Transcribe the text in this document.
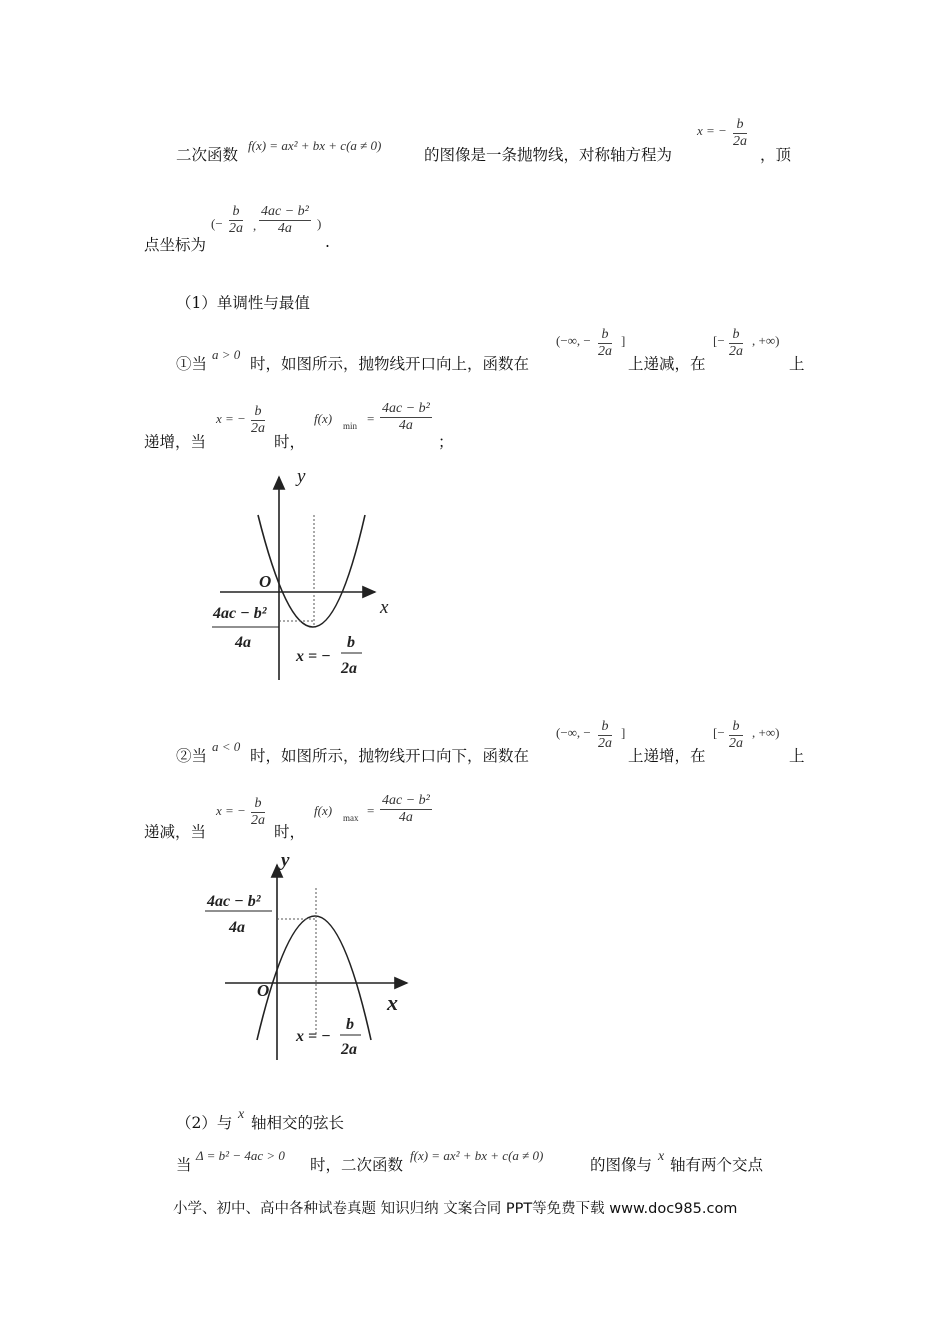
二次函数
f(x) = ax² + bx + c(a ≠ 0)
的图像是一条抛物线，对称轴方程为
x = − $\frac{b}{2a}$
，顶
点坐标为
(− $\frac{b}{2a}$ , $\frac{\text{4ac − b²}}{4a}$ )
.
（1）单调性与最值
①当
a > 0
时，如图所示，抛物线开口向上，函数在
(−∞, − $\frac{b}{2a}$ ]
上递减，在
[− $\frac{b}{2a}$ , +∞)
上
递增，当
x = − $\frac{b}{2a}$
时，
f(x) $\min = \frac{\text{4ac − b²}}{4a}$
；
y
x
O
4ac − b²
4a
x = −
b
2a
②当
a < 0
时，如图所示，抛物线开口向下，函数在
(−∞, − $\frac{b}{2a}$ ]
上递增，在
[− $\frac{b}{2a}$ , +∞)
上
递减，当
x = − $\frac{b}{2a}$
时，
f(x) $\max = \frac{\text{4ac − b²}}{4a}$
y
x
O
4ac − b²
4a
x = −
b
2a
（2）与 x 轴相交的弦长
当
Δ = b² − 4ac > 0
时，二次函数
f(x) = ax² + bx + c(a ≠ 0)
的图像与 x 轴有两个交点
小学、初中、高中各种试卷真题 知识归纳 文案合同 PPT等免费下载 www.doc985.com
